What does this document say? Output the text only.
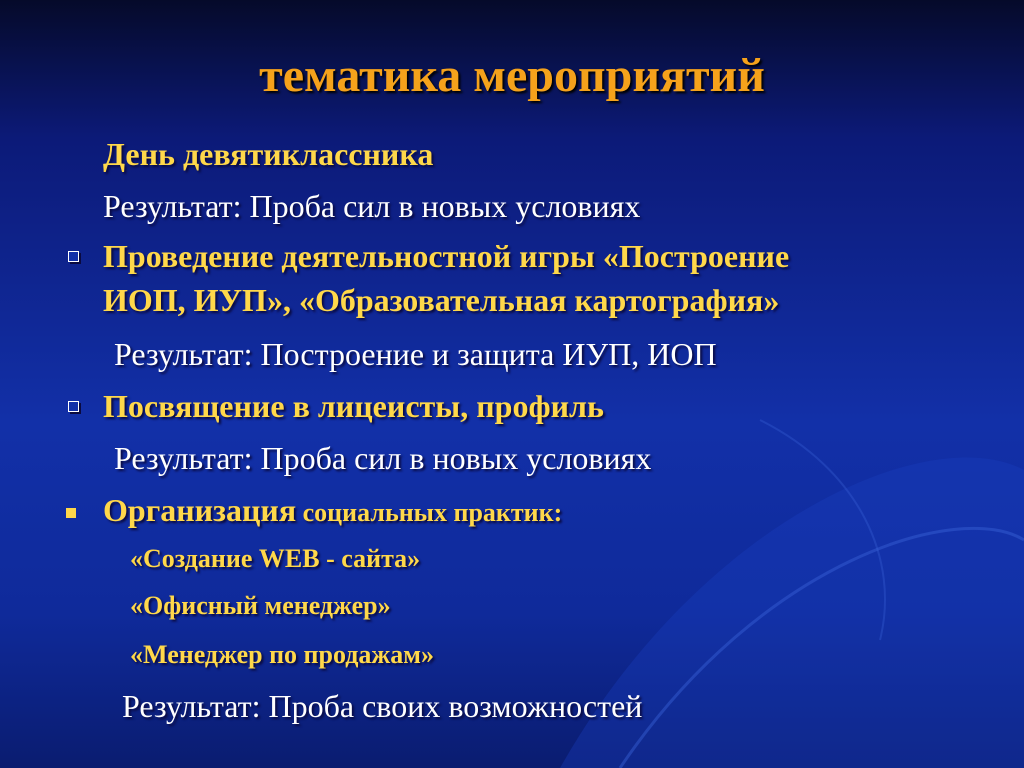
тематика мероприятий
День девятиклассника
Результат: Проба сил в новых условиях
Проведение деятельностной игры «Построение
ИОП, ИУП», «Образовательная картография»
Результат: Построение и защита ИУП, ИОП
Посвящение в лицеисты, профиль
Результат: Проба сил в новых условиях
Организация социальных практик:
«Создание WEB - сайта»
«Офисный менеджер»
«Менеджер по продажам»
Результат: Проба своих возможностей
